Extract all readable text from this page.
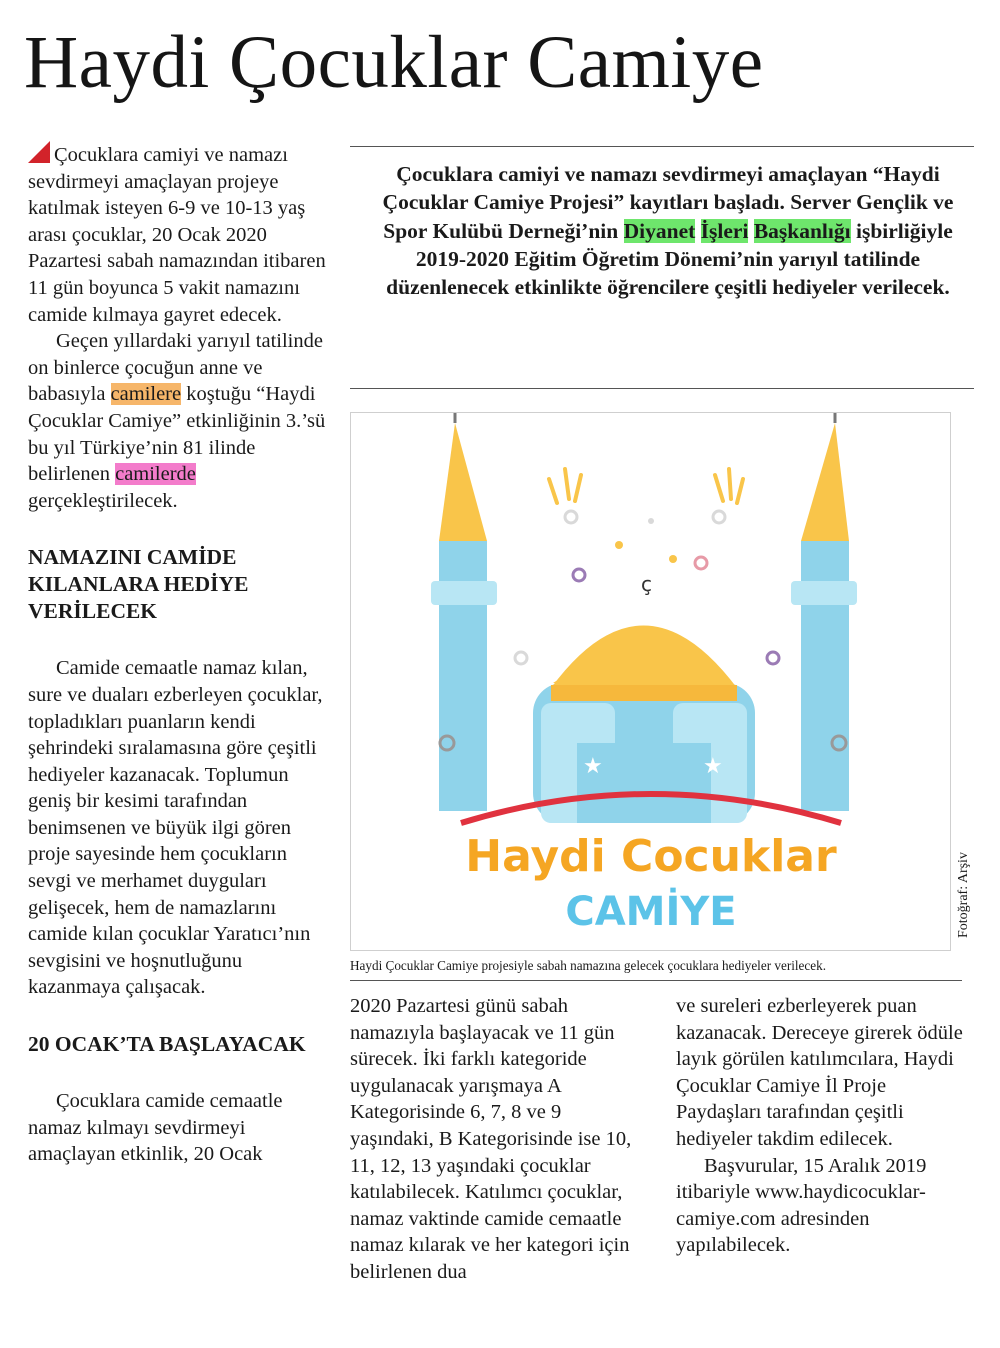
Haydi Çocuklar Camiye

Çocuklara camiyi ve namazı sevdirmeyi amaçlayan projeye katılmak isteyen 6-9 ve 10-13 yaş arası çocuklar, 20 Ocak 2020 Pazartesi sabah namazından itibaren 11 gün boyunca 5 vakit namazını camide kılmaya gayret edecek.

Geçen yıllardaki yarıyıl tatilinde on binlerce çocuğun anne ve babasıyla camilere koştuğu “Haydi Çocuklar Camiye” etkinliğinin 3.’sü bu yıl Türkiye’nin 81 ilinde belirlenen camilerde gerçekleştirilecek.

NAMAZINI CAMİDE KILANLARA HEDİYE VERİLECEK

Camide cemaatle namaz kılan, sure ve duaları ezberleyen çocuklar, topladıkları puanların kendi şehrindeki sıralamasına göre çeşitli hediyeler kazanacak. Toplumun geniş bir kesimi tarafından benimsenen ve büyük ilgi gören proje sayesinde hem çocukların sevgi ve merhamet duyguları gelişecek, hem de namazlarını camide kılan çocuklar Yaratıcı’nın sevgisini ve hoşnutluğunu kazanmaya çalışacak.

20 OCAK’TA BAŞLAYACAK

Çocuklara camide cemaatle namaz kılmayı sevdirmeyi amaçlayan etkinlik, 20 Ocak

Çocuklara camiyi ve namazı sevdirmeyi amaçlayan “Haydi Çocuklar Camiye Projesi” kayıtları başladı. Server Gençlik ve Spor Kulübü Derneği’nin Diyanet İşleri Başkanlığı işbirliğiyle 2019-2020 Eğitim Öğretim Dönemi’nin yarıyıl tatilinde düzenlenecek etkinlikte öğrencilere çeşitli hediyeler verilecek.
★	★
ç
Haydi Cocuklar
CAMİYE	Fotoğraf: Arşiv
Haydi Çocuklar Camiye projesiyle sabah namazına gelecek çocuklara hediyeler verilecek.

2020 Pazartesi günü sabah namazıyla başlayacak ve 11 gün sürecek. İki farklı kategoride uygulanacak yarışmaya A Kategorisinde 6, 7, 8 ve 9 yaşındaki, B Kategorisinde ise 10, 11, 12, 13 yaşındaki çocuklar katılabilecek. Katılımcı çocuklar, namaz vaktinde camide cemaatle namaz kılarak ve her kategori için belirlenen dua

ve sureleri ezberleyerek puan kazanacak. Dereceye girerek ödüle layık görülen katılımcılara, Haydi Çocuklar Camiye İl Proje Paydaşları tarafından çeşitli hediyeler takdim edilecek.

Başvurular, 15 Aralık 2019 itibariyle www.haydicocuklar-camiye.com adresinden yapılabilecek.
